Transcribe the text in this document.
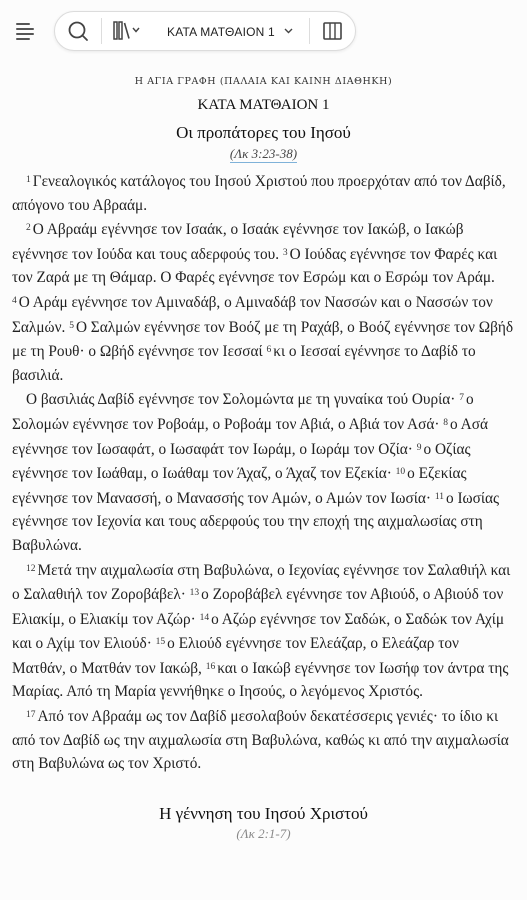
ΚΑΤΑ ΜΑΤΘΑΙΟΝ 1
Η ΑΓΙΑ ΓΡΑΦΗ (ΠΑΛΑΙΑ ΚΑΙ ΚΑΙΝΗ ΔΙΑΘΗΚΗ)
ΚΑΤΑ ΜΑΤΘΑΙΟΝ 1
Οι προπάτορες του Ιησού
(Λκ 3:23-38)

$^1$ Γενεαλογικός κατάλογος του Ιησού Χριστού που προερχόταν από τον Δαβίδ, απόγονο του Αβραάμ.

$^2$ Ο Αβραάμ εγέννησε τον Ισαάκ, ο Ισαάκ εγέννησε τον Ιακώβ, ο Ιακώβ εγέννησε τον Ιούδα και τους αδερφούς του. $^3$ Ο Ιούδας εγέννησε τον Φαρές και τον Ζαρά με τη Θάμαρ. Ο Φαρές εγέννησε τον Εσρώμ και ο Εσρώμ τον Αράμ. $^4$ Ο Αράμ εγέννησε τον Αμιναδάβ, ο Αμιναδάβ τον Νασσών και ο Νασσών τον Σαλμών. $^5$ Ο Σαλμών εγέννησε τον Βοόζ με τη Ραχάβ, ο Βοόζ εγέννησε τον Ωβήδ με τη Ρουθ· ο Ωβήδ εγέννησε τον Ιεσσαί $^6$ κι ο Ιεσσαί εγέννησε το Δαβίδ το βασιλιά.

Ο βασιλιάς Δαβίδ εγέννησε τον Σολομώντα με τη γυναίκα τού Ουρία· $^7$ ο Σολομών εγέννησε τον Ροβοάμ, ο Ροβοάμ τον Αβιά, ο Αβιά τον Ασά· $^8$ ο Ασά εγέννησε τον Ιωσαφάτ, ο Ιωσαφάτ τον Ιωράμ, ο Ιωράμ τον Οζία· $^9$ ο Οζίας εγέννησε τον Ιωάθαμ, ο Ιωάθαμ τον Άχαζ, ο Άχαζ τον Εζεκία· $^{10}$ ο Εζεκίας εγέννησε τον Μανασσή, ο Μανασσής τον Αμών, ο Αμών τον Ιωσία· $^{11}$ ο Ιωσίας εγέννησε τον Ιεχονία και τους αδερφούς του την εποχή της αιχμαλωσίας στη Βαβυλώνα.

$^{12}$ Μετά την αιχμαλωσία στη Βαβυλώνα, ο Ιεχονίας εγέννησε τον Σαλαθιήλ και ο Σαλαθιήλ τον Ζοροβάβελ· $^{13}$ ο Ζοροβάβελ εγέννησε τον Αβιούδ, ο Αβιούδ τον Ελιακίμ, ο Ελιακίμ τον Αζώρ· $^{14}$ ο Αζώρ εγέννησε τον Σαδώκ, ο Σαδώκ τον Αχίμ και ο Αχίμ τον Ελιούδ· $^{15}$ ο Ελιούδ εγέννησε τον Ελεάζαρ, ο Ελεάζαρ τον Ματθάν, ο Ματθάν τον Ιακώβ, $^{16}$ και ο Ιακώβ εγέννησε τον Ιωσήφ τον άντρα της Μαρίας. Από τη Μαρία γεννήθηκε ο Ιησούς, ο λεγόμενος Χριστός.

$^{17}$ Από τον Αβραάμ ως τον Δαβίδ μεσολαβούν δεκατέσσερις γενιές· το ίδιο κι από τον Δαβίδ ως την αιχμαλωσία στη Βαβυλώνα, καθώς κι από την αιχμαλωσία στη Βαβυλώνα ως τον Χριστό.

Η γέννηση του Ιησού Χριστού
(Λκ 2:1-7)
